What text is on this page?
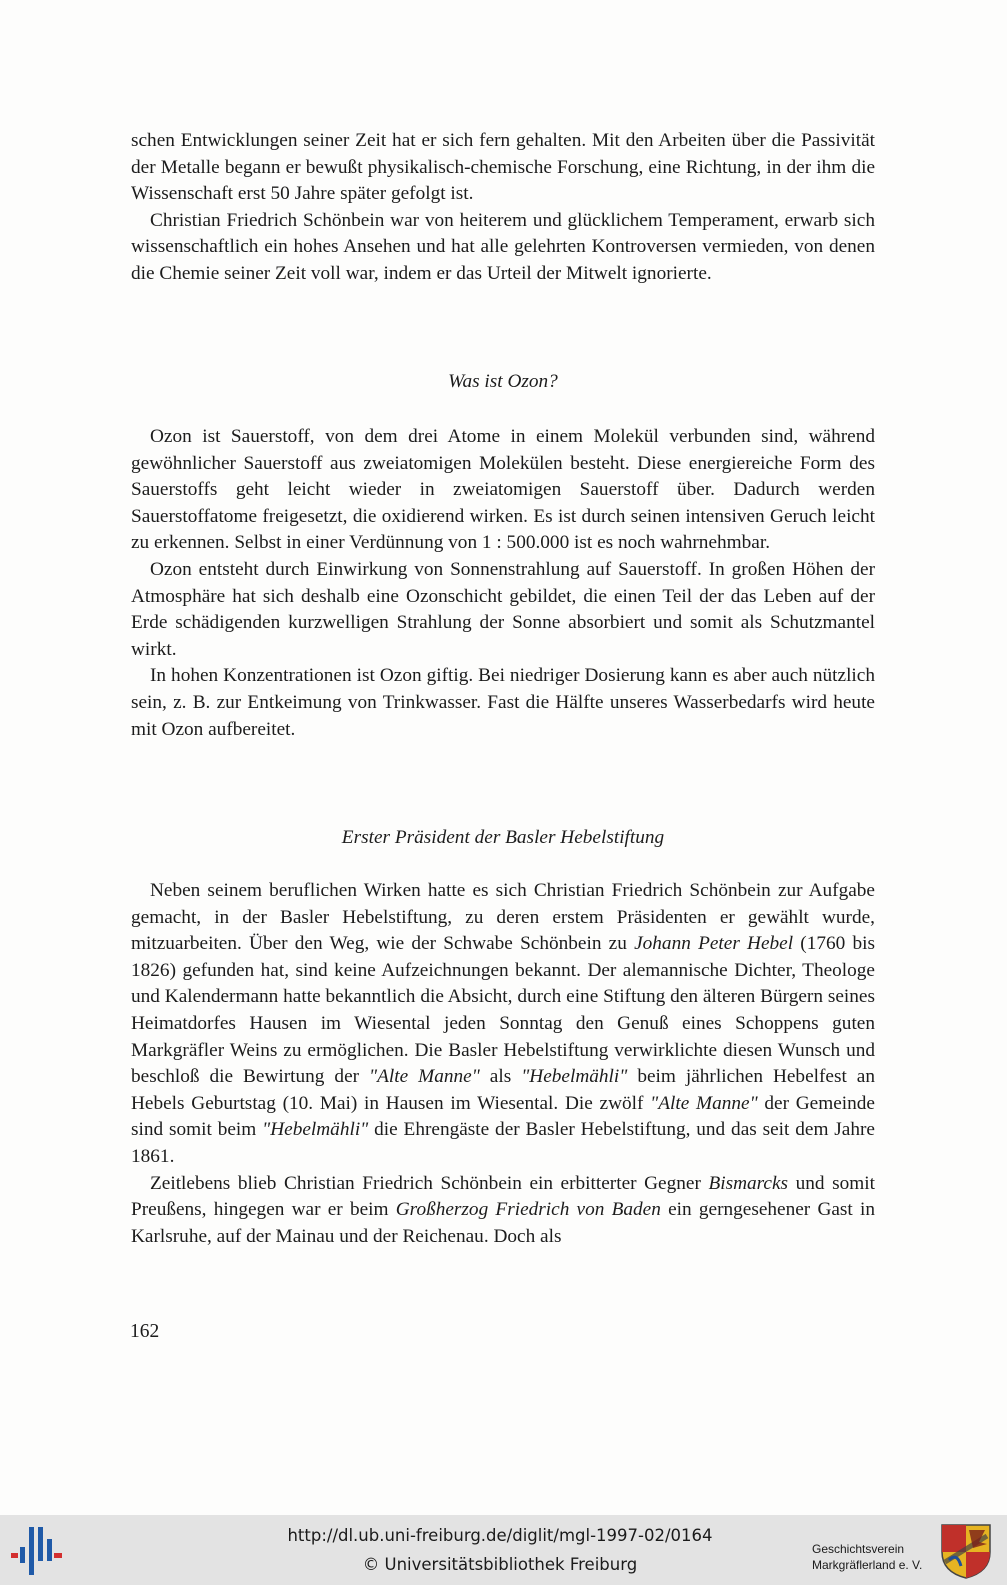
schen Entwicklungen seiner Zeit hat er sich fern gehalten. Mit den Arbeiten über die Passivität der Metalle begann er bewußt physikalisch-chemische Forschung, eine Richtung, in der ihm die Wissenschaft erst 50 Jahre später gefolgt ist.

Christian Friedrich Schönbein war von heiterem und glücklichem Temperament, erwarb sich wissenschaftlich ein hohes Ansehen und hat alle gelehrten Kontroversen vermieden, von denen die Chemie seiner Zeit voll war, indem er das Urteil der Mitwelt ignorierte.

Was ist Ozon?

Ozon ist Sauerstoff, von dem drei Atome in einem Molekül verbunden sind, während gewöhnlicher Sauerstoff aus zweiatomigen Molekülen besteht. Diese energiereiche Form des Sauerstoffs geht leicht wieder in zweiatomigen Sauerstoff über. Dadurch werden Sauerstoffatome freigesetzt, die oxidierend wirken. Es ist durch seinen intensiven Geruch leicht zu erkennen. Selbst in einer Verdünnung von 1 : 500.000 ist es noch wahrnehmbar.

Ozon entsteht durch Einwirkung von Sonnenstrahlung auf Sauerstoff. In großen Höhen der Atmosphäre hat sich deshalb eine Ozonschicht gebildet, die einen Teil der das Leben auf der Erde schädigenden kurzwelligen Strahlung der Sonne absorbiert und somit als Schutzmantel wirkt.

In hohen Konzentrationen ist Ozon giftig. Bei niedriger Dosierung kann es aber auch nützlich sein, z. B. zur Entkeimung von Trinkwasser. Fast die Hälfte unseres Wasserbedarfs wird heute mit Ozon aufbereitet.

Erster Präsident der Basler Hebelstiftung

Neben seinem beruflichen Wirken hatte es sich Christian Friedrich Schönbein zur Aufgabe gemacht, in der Basler Hebelstiftung, zu deren erstem Präsidenten er gewählt wurde, mitzuarbeiten. Über den Weg, wie der Schwabe Schönbein zu Johann Peter Hebel (1760 bis 1826) gefunden hat, sind keine Aufzeichnungen bekannt. Der alemannische Dichter, Theologe und Kalendermann hatte bekanntlich die Absicht, durch eine Stiftung den älteren Bürgern seines Heimatdorfes Hausen im Wiesental jeden Sonntag den Genuß eines Schoppens guten Markgräfler Weins zu ermöglichen. Die Basler Hebelstiftung verwirklichte diesen Wunsch und beschloß die Bewirtung der "Alte Manne" als "Hebelmähli" beim jährlichen Hebelfest an Hebels Geburtstag (10. Mai) in Hausen im Wiesental. Die zwölf "Alte Manne" der Gemeinde sind somit beim "Hebelmähli" die Ehrengäste der Basler Hebelstiftung, und das seit dem Jahre 1861.

Zeitlebens blieb Christian Friedrich Schönbein ein erbitterter Gegner Bismarcks und somit Preußens, hingegen war er beim Großherzog Friedrich von Baden ein gerngesehener Gast in Karlsruhe, auf der Mainau und der Reichenau. Doch als

162
http://dl.ub.uni-freiburg.de/diglit/mgl-1997-02/0164
© Universitätsbibliothek Freiburg
Geschichtsverein
Markgräflerland e. V.
